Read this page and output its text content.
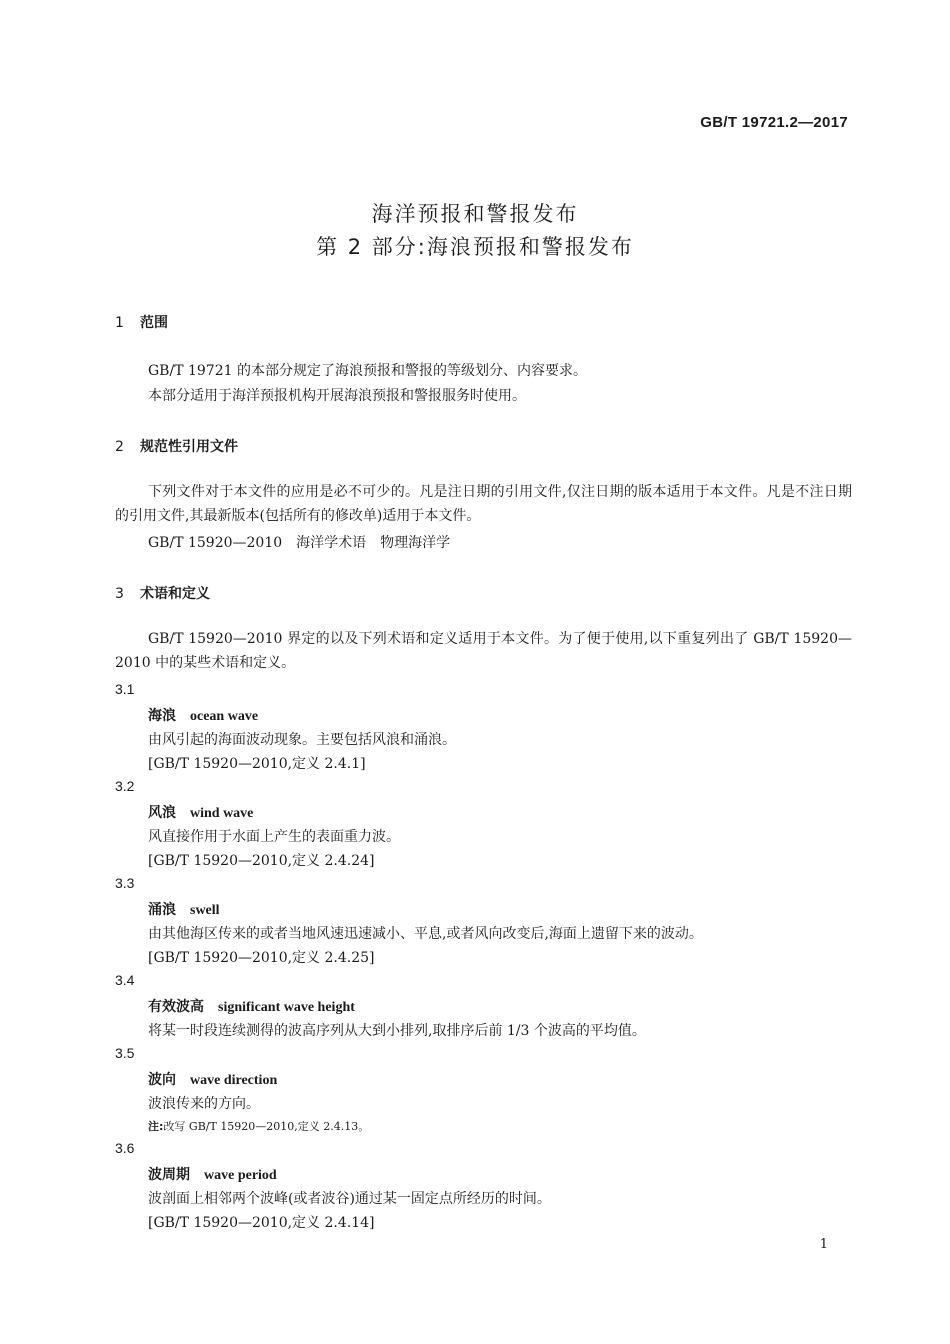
GB/T 19721.2—2017
海洋预报和警报发布
第 2 部分:海浪预报和警报发布
1 范围
GB/T 19721 的本部分规定了海浪预报和警报的等级划分、内容要求。
本部分适用于海洋预报机构开展海浪预报和警报服务时使用。
2 规范性引用文件
下列文件对于本文件的应用是必不可少的。凡是注日期的引用文件,仅注日期的版本适用于本文件。凡是不注日期的引用文件,其最新版本(包括所有的修改单)适用于本文件。
GB/T 15920—2010　海洋学术语　物理海洋学
3 术语和定义
GB/T 15920—2010 界定的以及下列术语和定义适用于本文件。为了便于使用,以下重复列出了 GB/T 15920—2010 中的某些术语和定义。
3.1
海浪 ocean wave
由风引起的海面波动现象。主要包括风浪和涌浪。
[GB/T 15920—2010,定义 2.4.1]
3.2
风浪 wind wave
风直接作用于水面上产生的表面重力波。
[GB/T 15920—2010,定义 2.4.24]
3.3
涌浪 swell
由其他海区传来的或者当地风速迅速减小、平息,或者风向改变后,海面上遗留下来的波动。
[GB/T 15920—2010,定义 2.4.25]
3.4
有效波高 significant wave height
将某一时段连续测得的波高序列从大到小排列,取排序后前 1/3 个波高的平均值。
3.5
波向 wave direction
波浪传来的方向。
注:改写 GB/T 15920—2010,定义 2.4.13。
3.6
波周期 wave period
波剖面上相邻两个波峰(或者波谷)通过某一固定点所经历的时间。
[GB/T 15920—2010,定义 2.4.14]
1
